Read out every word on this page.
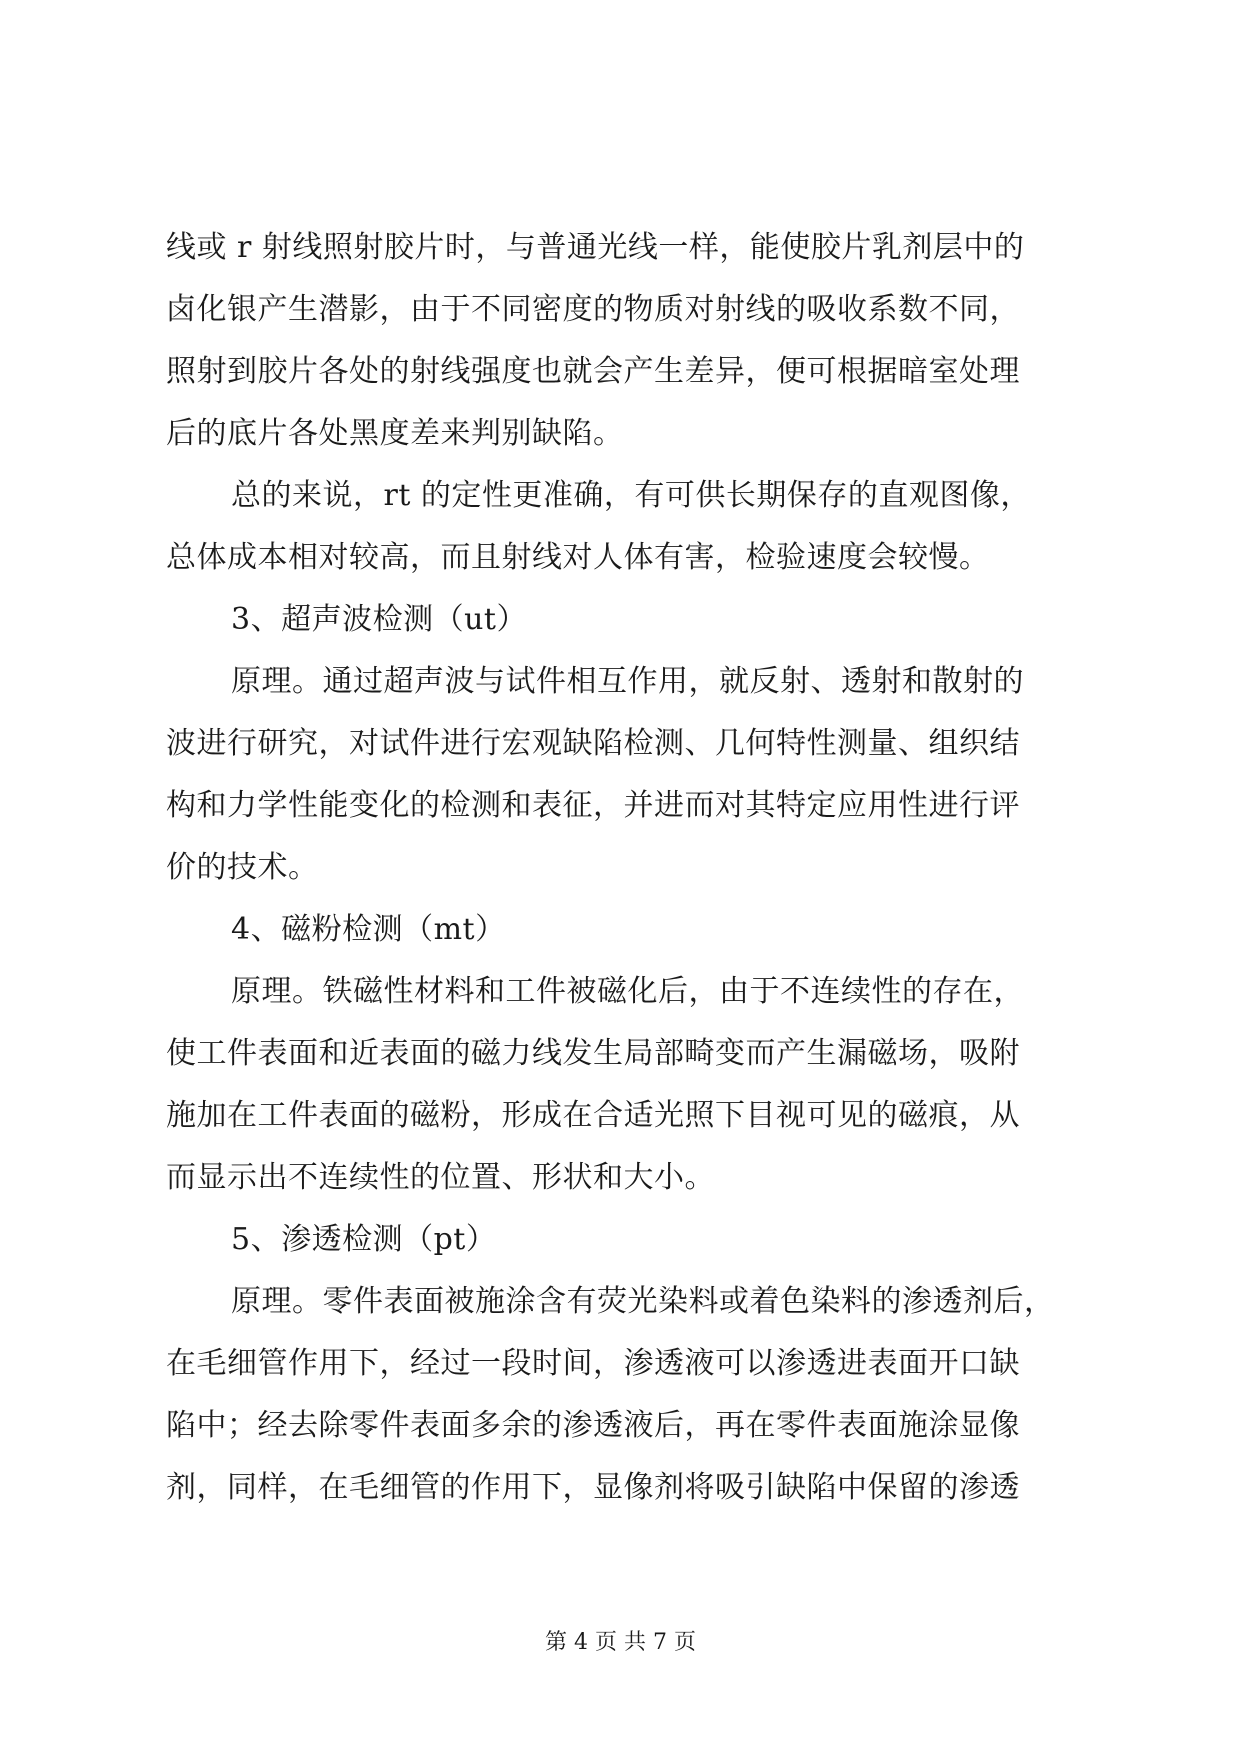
线或 r 射线照射胶片时，与普通光线一样，能使胶片乳剂层中的
卤化银产生潜影，由于不同密度的物质对射线的吸收系数不同，
照射到胶片各处的射线强度也就会产生差异，便可根据暗室处理
后的底片各处黑度差来判别缺陷。
总的来说，rt 的定性更准确，有可供长期保存的直观图像，
总体成本相对较高，而且射线对人体有害，检验速度会较慢。
3、超声波检测（ut）
原理。通过超声波与试件相互作用，就反射、透射和散射的
波进行研究，对试件进行宏观缺陷检测、几何特性测量、组织结
构和力学性能变化的检测和表征，并进而对其特定应用性进行评
价的技术。
4、磁粉检测（mt）
原理。铁磁性材料和工件被磁化后，由于不连续性的存在，
使工件表面和近表面的磁力线发生局部畸变而产生漏磁场，吸附
施加在工件表面的磁粉，形成在合适光照下目视可见的磁痕，从
而显示出不连续性的位置、形状和大小。
5、渗透检测（pt）
原理。零件表面被施涂含有荧光染料或着色染料的渗透剂后，
在毛细管作用下，经过一段时间，渗透液可以渗透进表面开口缺
陷中；经去除零件表面多余的渗透液后，再在零件表面施涂显像
剂，同样，在毛细管的作用下，显像剂将吸引缺陷中保留的渗透
第 4 页 共 7 页
